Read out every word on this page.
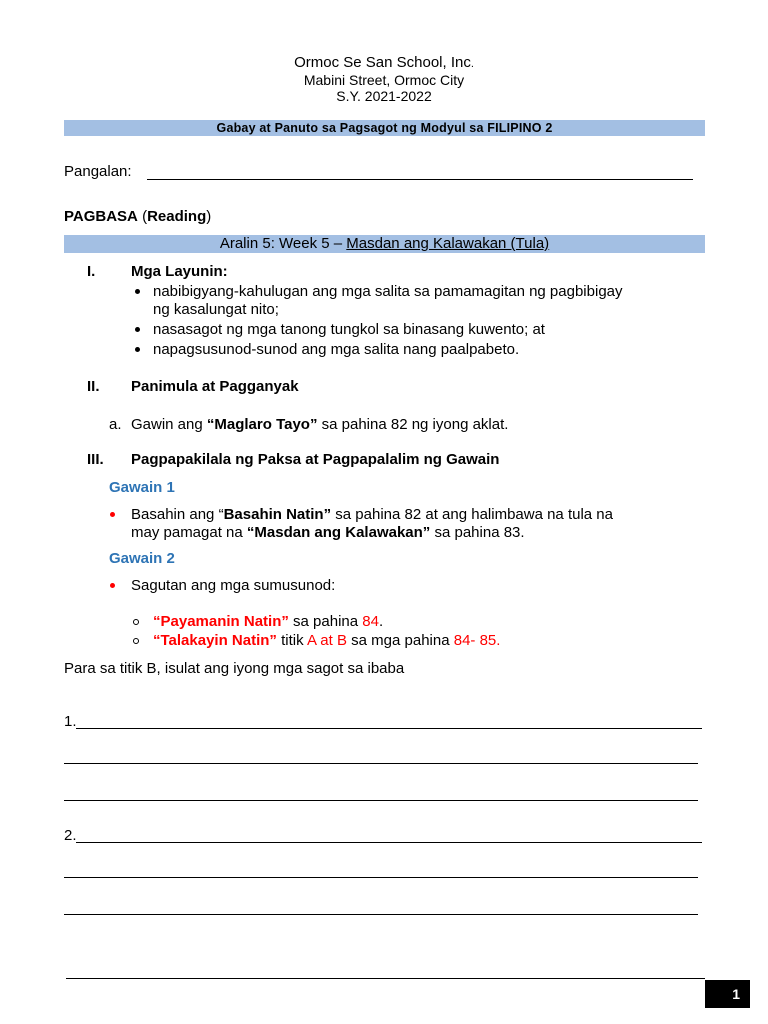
Ormoc Se San School, Inc.
Mabini Street, Ormoc City
S.Y. 2021-2022
Gabay at Panuto sa Pagsagot ng Modyul sa FILIPINO 2
Pangalan:
PAGBASA (Reading)
Aralin 5: Week 5 – Masdan ang Kalawakan (Tula)
I. Mga Layunin:
nabibigyang-kahulugan ang mga salita sa pamamagitan ng pagbibigay
ng kasalungat nito;
nasasagot ng mga tanong tungkol sa binasang kuwento; at
napagsusunod-sunod ang mga salita nang paalpabeto.
II. Panimula at Pagganyak
a. Gawin ang “Maglaro Tayo” sa pahina 82 ng iyong aklat.
III. Pagpapakilala ng Paksa at Pagpapalalim ng Gawain
Gawain 1
Basahin ang “Basahin Natin” sa pahina 82 at ang halimbawa na tula na
may pamagat na “Masdan ang Kalawakan” sa pahina 83.
Gawain 2
Sagutan ang mga sumusunod:
“Payamanin Natin” sa pahina 84.
“Talakayin Natin” titik A at B sa mga pahina 84- 85.
Para sa titik B, isulat ang iyong mga sagot sa ibaba
1.
2.
1
